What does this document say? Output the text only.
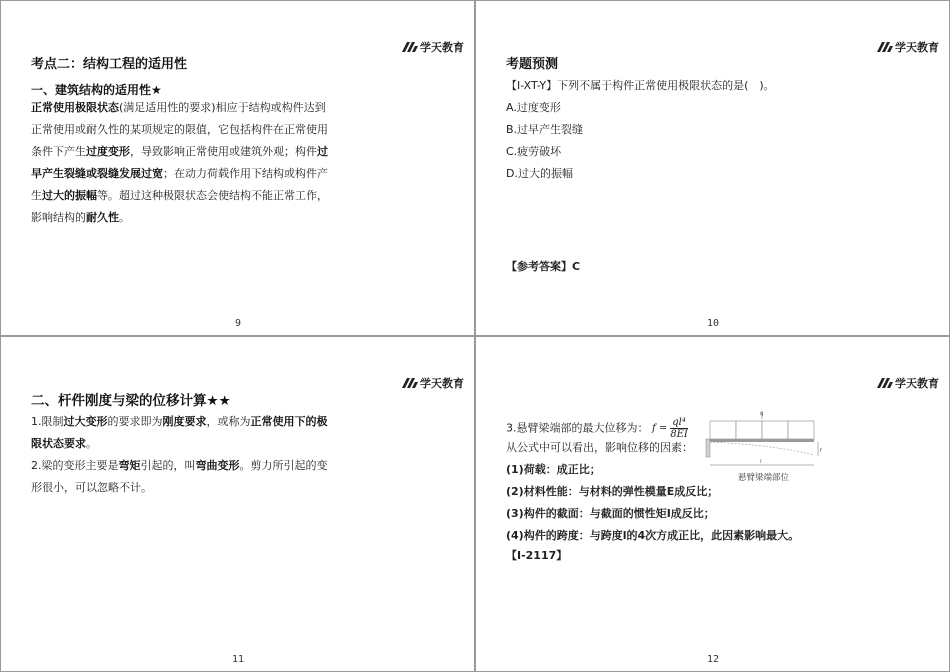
学天教育
考点二：结构工程的适用性
一、建筑结构的适用性★
正常使用极限状态(满足适用性的要求)相应于结构或构件达到正常使用或耐久性的某项规定的限值，它包括构件在正常使用条件下产生过度变形，导致影响正常使用或建筑外观；构件过早产生裂缝或裂缝发展过宽；在动力荷载作用下结构或构件产生过大的振幅等。超过这种极限状态会使结构不能正常工作，影响结构的耐久性。
9
学天教育
考题预测
【Ⅰ-XT-Y】下列不属于构件正常使用极限状态的是(　)。
A.过度变形
B.过早产生裂缝
C.疲劳破坏
D.过大的振幅
【参考答案】C
10
学天教育
二、杆件刚度与梁的位移计算★★
1.限制过大变形的要求即为刚度要求，或称为正常使用下的极限状态要求。
2.梁的变形主要是弯矩引起的，叫弯曲变形。剪力所引起的变形很小，可以忽略不计。
11
学天教育
3.悬臂梁端部的最大位移为： $f = \frac{\text{ql⁴}}{8EI}$
从公式中可以看出，影响位移的因素：
(1)荷载：成正比；
(2)材料性能：与材料的弹性模量E成反比；
(3)构件的截面：与截面的惯性矩I成反比；
(4)构件的跨度：与跨度l的4次方成正比，此因素影响最大。
【Ⅰ-2117】
q
f
l
悬臂梁端部位
12
